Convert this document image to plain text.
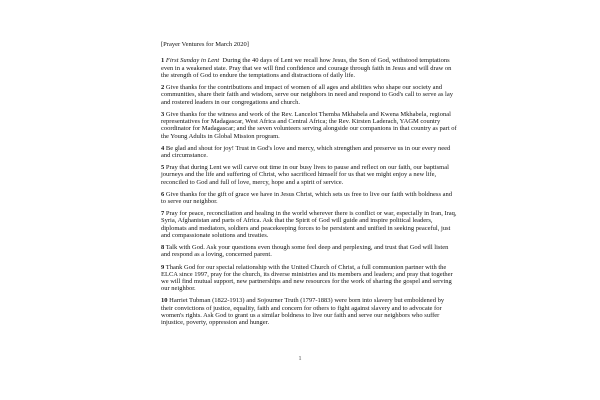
[Prayer Ventures for March 2020]

1 First Sunday in Lent During the 40 days of Lent we recall how Jesus, the Son of God, withstood temptations even in a weakened state. Pray that we will find confidence and courage through faith in Jesus and will draw on the strength of God to endure the temptations and distractions of daily life.

2 Give thanks for the contributions and impact of women of all ages and abilities who shape our society and communities, share their faith and wisdom, serve our neighbors in need and respond to God's call to serve as lay and rostered leaders in our congregations and church.

3 Give thanks for the witness and work of the Rev. Lancelot Themba Mkhabela and Kwena Mkhabela, regional representatives for Madagascar, West Africa and Central Africa; the Rev. Kirsten Laderach, YAGM country coordinator for Madagascar; and the seven volunteers serving alongside our companions in that country as part of the Young Adults in Global Mission program.

4 Be glad and shout for joy! Trust in God's love and mercy, which strengthen and preserve us in our every need and circumstance.

5 Pray that during Lent we will carve out time in our busy lives to pause and reflect on our faith, our baptismal journeys and the life and suffering of Christ, who sacrificed himself for us that we might enjoy a new life, reconciled to God and full of love, mercy, hope and a spirit of service.

6 Give thanks for the gift of grace we have in Jesus Christ, which sets us free to live our faith with boldness and to serve our neighbor.

7 Pray for peace, reconciliation and healing in the world wherever there is conflict or war, especially in Iran, Iraq, Syria, Afghanistan and parts of Africa. Ask that the Spirit of God will guide and inspire political leaders, diplomats and mediators, soldiers and peacekeeping forces to be persistent and unified in seeking peaceful, just and compassionate solutions and treaties.

8 Talk with God. Ask your questions even though some feel deep and perplexing, and trust that God will listen and respond as a loving, concerned parent.

9 Thank God for our special relationship with the United Church of Christ, a full communion partner with the ELCA since 1997, pray for the church, its diverse ministries and its members and leaders; and pray that together we will find mutual support, new partnerships and new resources for the work of sharing the gospel and serving our neighbor.

10 Harriet Tubman (1822-1913) and Sojourner Truth (1797-1883) were born into slavery but emboldened by their convictions of justice, equality, faith and concern for others to fight against slavery and to advocate for women's rights. Ask God to grant us a similar boldness to live our faith and serve our neighbors who suffer injustice, poverty, oppression and hunger.

1
